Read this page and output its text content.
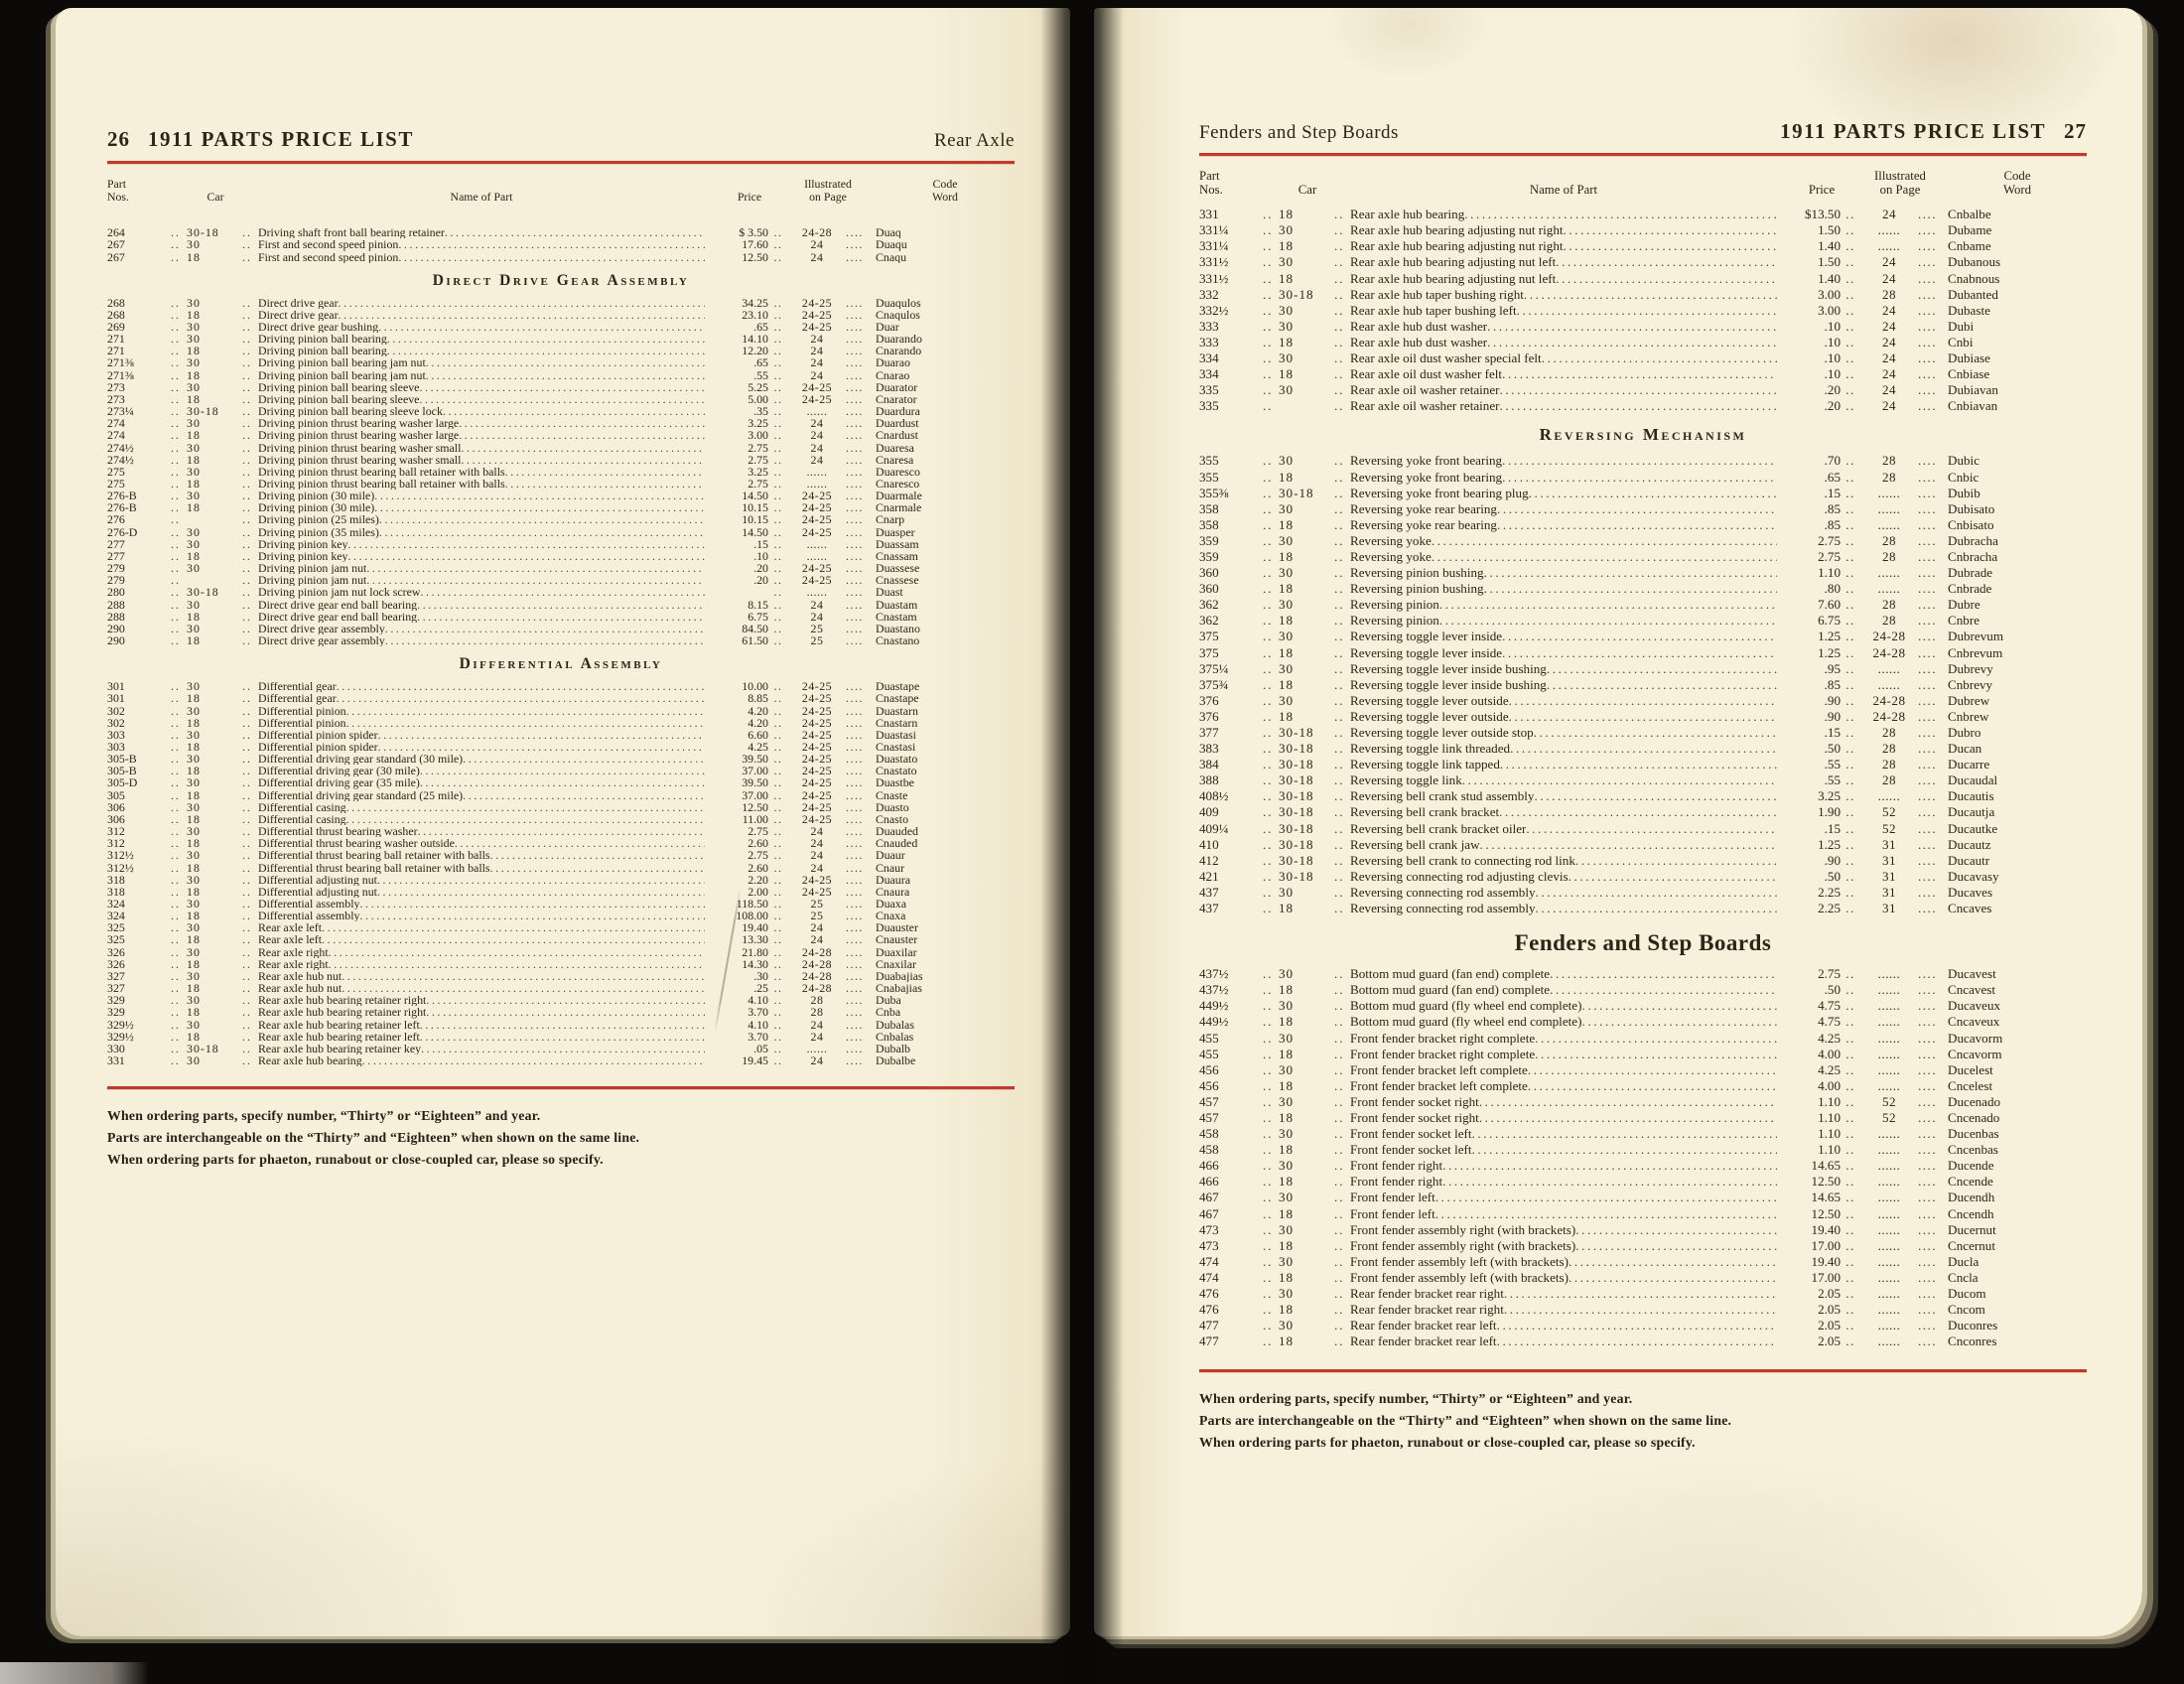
26 1911 PARTS PRICE LIST	Rear Axle
Part
Nos.	Car	Name of Part	Price
Illustrated
on Page
Code
Word
264	.. 30-18	.. Driving shaft front ball bearing retainer .....	$ 3.50 ..	24-28	....	Duaq
267	.. 30	.. First and second speed pinion .....	17.60 ..	24	....	Duaqu
267	.. 18	.. First and second speed pinion .....	12.50 ..	24	....	Cnaqu
Direct Drive Gear Assembly
268	.. 30	.. Direct drive gear .....	34.25 ..	24-25	....	Duaqulos
268	.. 18	.. Direct drive gear .....	23.10 ..	24-25	....	Cnaqulos
269	.. 30	.. Direct drive gear bushing .....	.65 ..	24-25	....	Duar
271	.. 30	.. Driving pinion ball bearing .....	14.10 ..	24	....	Duarando
271	.. 18	.. Driving pinion ball bearing .....	12.20 ..	24	....	Cnarando
271⅜	.. 30	.. Driving pinion ball bearing jam nut .....	.65 ..	24	....	Duarao
271⅜	.. 18	.. Driving pinion ball bearing jam nut .....	.55 ..	24	....	Cnarao
273	.. 30	.. Driving pinion ball bearing sleeve .....	5.25 ..	24-25	....	Duarator
273	.. 18	.. Driving pinion ball bearing sleeve .....	5.00 ..	24-25	....	Cnarator
273¼	.. 30-18	.. Driving pinion ball bearing sleeve lock .....	.35 ..	......	....	Duardura
274	.. 30	.. Driving pinion thrust bearing washer large .....	3.25 ..	24	....	Duardust
274	.. 18	.. Driving pinion thrust bearing washer large .....	3.00 ..	24	....	Cnardust
274½	.. 30	.. Driving pinion thrust bearing washer small .....	2.75 ..	24	....	Duaresa
274½	.. 18	.. Driving pinion thrust bearing washer small .....	2.75 ..	24	....	Cnaresa
275	.. 30	.. Driving pinion thrust bearing ball retainer with balls .....	3.25 ..	......	....	Duaresco
275	.. 18	.. Driving pinion thrust bearing ball retainer with balls .....	2.75 ..	......	....	Cnaresco
276-B	.. 30	.. Driving pinion (30 mile) .....	14.50 ..	24-25	....	Duarmale
276-B	.. 18	.. Driving pinion (30 mile) .....	10.15 ..	24-25	....	Cnarmale
276	..	.. Driving pinion (25 miles) .....	10.15 ..	24-25	....	Cnarp
276-D	.. 30	.. Driving pinion (35 miles) .....	14.50 ..	24-25	....	Duasper
277	.. 30	.. Driving pinion key .....	.15 ..	......	....	Duassam
277	.. 18	.. Driving pinion key .....	.10 ..	......	....	Cnassam
279	.. 30	.. Driving pinion jam nut .....	.20 ..	24-25	....	Duassese
279	..	.. Driving pinion jam nut .....	.20 ..	24-25	....	Cnassese
280	.. 30-18	.. Driving pinion jam nut lock screw .....	..	......	....	Duast
288	.. 30	.. Direct drive gear end ball bearing .....	8.15 ..	24	....	Duastam
288	.. 18	.. Direct drive gear end ball bearing .....	6.75 ..	24	....	Cnastam
290	.. 30	.. Direct drive gear assembly .....	84.50 ..	25	....	Duastano
290	.. 18	.. Direct drive gear assembly .....	61.50 ..	25	....	Cnastano
Differential Assembly
301	.. 30	.. Differential gear .....	10.00 ..	24-25	....	Duastape
301	.. 18	.. Differential gear .....	8.85 ..	24-25	....	Cnastape
302	.. 30	.. Differential pinion .....	4.20 ..	24-25	....	Duastarn
302	.. 18	.. Differential pinion .....	4.20 ..	24-25	....	Cnastarn
303	.. 30	.. Differential pinion spider .....	6.60 ..	24-25	....	Duastasi
303	.. 18	.. Differential pinion spider .....	4.25 ..	24-25	....	Cnastasi
305-B	.. 30	.. Differential driving gear standard (30 mile) .....	39.50 ..	24-25	....	Duastato
305-B	.. 18	.. Differential driving gear (30 mile) .....	37.00 ..	24-25	....	Cnastato
305-D	.. 30	.. Differential driving gear (35 mile) .....	39.50 ..	24-25	....	Duastbe
305	.. 18	.. Differential driving gear standard (25 mile) .....	37.00 ..	24-25	....	Cnaste
306	.. 30	.. Differential casing .....	12.50 ..	24-25	....	Duasto
306	.. 18	.. Differential casing .....	11.00 ..	24-25	....	Cnasto
312	.. 30	.. Differential thrust bearing washer .....	2.75 ..	24	....	Duauded
312	.. 18	.. Differential thrust bearing washer outside .....	2.60 ..	24	....	Cnauded
312½	.. 30	.. Differential thrust bearing ball retainer with balls .....	2.75 ..	24	....	Duaur
312½	.. 18	.. Differential thrust bearing ball retainer with balls .....	2.60 ..	24	....	Cnaur
318	.. 30	.. Differential adjusting nut .....	2.20 ..	24-25	....	Duaura
318	.. 18	.. Differential adjusting nut .....	2.00 ..	24-25	....	Cnaura
324	.. 30	.. Differential assembly .....	118.50 ..	25	....	Duaxa
324	.. 18	.. Differential assembly .....	108.00 ..	25	....	Cnaxa
325	.. 30	.. Rear axle left .....	19.40 ..	24	....	Duauster
325	.. 18	.. Rear axle left .....	13.30 ..	24	....	Cnauster
326	.. 30	.. Rear axle right .....	21.80 ..	24-28	....	Duaxilar
326	.. 18	.. Rear axle right .....	14.30 ..	24-28	....	Cnaxilar
327	.. 30	.. Rear axle hub nut .....	.30 ..	24-28	....	Duabajias
327	.. 18	.. Rear axle hub nut .....	.25 ..	24-28	....	Cnabajias
329	.. 30	.. Rear axle hub bearing retainer right .....	4.10 ..	28	....	Duba
329	.. 18	.. Rear axle hub bearing retainer right .....	3.70 ..	28	....	Cnba
329½	.. 30	.. Rear axle hub bearing retainer left .....	4.10 ..	24	....	Dubalas
329½	.. 18	.. Rear axle hub bearing retainer left .....	3.70 ..	24	....	Cnbalas
330	.. 30-18	.. Rear axle hub bearing retainer key .....	.05 ..	......	....	Dubalb
331	.. 30	.. Rear axle hub bearing .....	19.45 ..	24	....	Dubalbe
When ordering parts, specify number, “Thirty” or “Eighteen” and year.
Parts are interchangeable on the “Thirty” and “Eighteen” when shown on the same line.
When ordering parts for phaeton, runabout or close-coupled car, please so specify.
Fenders and Step Boards	1911 PARTS PRICE LIST 27
Part
Nos.	Car	Name of Part	Price
Illustrated
on Page
Code
Word
331	.. 18	.. Rear axle hub bearing .....	$13.50 ..	24	.... Cnbalbe
331¼	.. 30	.. Rear axle hub bearing adjusting nut right .....	1.50 ..	......	.... Dubame
331¼	.. 18	.. Rear axle hub bearing adjusting nut right .....	1.40 ..	......	.... Cnbame
331½	.. 30	.. Rear axle hub bearing adjusting nut left .....	1.50 ..	24	.... Dubanous
331½	.. 18	.. Rear axle hub bearing adjusting nut left .....	1.40 ..	24	.... Cnabnous
332	.. 30-18	.. Rear axle hub taper bushing right .....	3.00 ..	28	.... Dubanted
332½	.. 30	.. Rear axle hub taper bushing left .....	3.00 ..	24	.... Dubaste
333	.. 30	.. Rear axle hub dust washer .....	.10 ..	24	.... Dubi
333	.. 18	.. Rear axle hub dust washer .....	.10 ..	24	.... Cnbi
334	.. 30	.. Rear axle oil dust washer special felt .....	.10 ..	24	.... Dubiase
334	.. 18	.. Rear axle oil dust washer felt .....	.10 ..	24	.... Cnbiase
335	.. 30	.. Rear axle oil washer retainer .....	.20 ..	24	.... Dubiavan
335	..	.. Rear axle oil washer retainer .....	.20 ..	24	.... Cnbiavan
Reversing Mechanism
355	.. 30	.. Reversing yoke front bearing .....	.70 ..	28	.... Dubic
355	.. 18	.. Reversing yoke front bearing .....	.65 ..	28	.... Cnbic
355⅜	.. 30-18	.. Reversing yoke front bearing plug .....	.15 ..	......	.... Dubib
358	.. 30	.. Reversing yoke rear bearing .....	.85 ..	......	.... Dubisato
358	.. 18	.. Reversing yoke rear bearing .....	.85 ..	......	.... Cnbisato
359	.. 30	.. Reversing yoke .....	2.75 ..	28	.... Dubracha
359	.. 18	.. Reversing yoke .....	2.75 ..	28	.... Cnbracha
360	.. 30	.. Reversing pinion bushing .....	1.10 ..	......	.... Dubrade
360	.. 18	.. Reversing pinion bushing .....	.80 ..	......	.... Cnbrade
362	.. 30	.. Reversing pinion .....	7.60 ..	28	.... Dubre
362	.. 18	.. Reversing pinion .....	6.75 ..	28	.... Cnbre
375	.. 30	.. Reversing toggle lever inside .....	1.25 ..	24-28 .... Dubrevum
375	.. 18	.. Reversing toggle lever inside .....	1.25 ..	24-28 .... Cnbrevum
375¼	.. 30	.. Reversing toggle lever inside bushing .....	.95 ..	......	.... Dubrevy
375¾	.. 18	.. Reversing toggle lever inside bushing .....	.85 ..	......	.... Cnbrevy
376	.. 30	.. Reversing toggle lever outside .....	.90 ..	24-28 .... Dubrew
376	.. 18	.. Reversing toggle lever outside .....	.90 ..	24-28 .... Cnbrew
377	.. 30-18	.. Reversing toggle lever outside stop .....	.15 ..	28	.... Dubro
383	.. 30-18	.. Reversing toggle link threaded .....	.50 ..	28	.... Ducan
384	.. 30-18	.. Reversing toggle link tapped .....	.55 ..	28	.... Ducarre
388	.. 30-18	.. Reversing toggle link .....	.55 ..	28	.... Ducaudal
408½	.. 30-18	.. Reversing bell crank stud assembly .....	3.25 ..	......	.... Ducautis
409	.. 30-18	.. Reversing bell crank bracket .....	1.90 ..	52	.... Ducautja
409¼	.. 30-18	.. Reversing bell crank bracket oiler .....	.15 ..	52	.... Ducautke
410	.. 30-18	.. Reversing bell crank jaw .....	1.25 ..	31	.... Ducautz
412	.. 30-18	.. Reversing bell crank to connecting rod link .....	.90 ..	31	.... Ducautr
421	.. 30-18	.. Reversing connecting rod adjusting clevis .....	.50 ..	31	.... Ducavasy
437	.. 30	.. Reversing connecting rod assembly .....	2.25 ..	31	.... Ducaves
437	.. 18	.. Reversing connecting rod assembly .....	2.25 ..	31	.... Cncaves
Fenders and Step Boards
437½	.. 30	.. Bottom mud guard (fan end) complete .....	2.75 ..	......	.... Ducavest
437½	.. 18	.. Bottom mud guard (fan end) complete .....	.50 ..	......	.... Cncavest
449½	.. 30	.. Bottom mud guard (fly wheel end complete) .....	4.75 ..	......	.... Ducaveux
449½	.. 18	.. Bottom mud guard (fly wheel end complete) .....	4.75 ..	......	.... Cncaveux
455	.. 30	.. Front fender bracket right complete .....	4.25 ..	......	.... Ducavorm
455	.. 18	.. Front fender bracket right complete .....	4.00 ..	......	.... Cncavorm
456	.. 30	.. Front fender bracket left complete .....	4.25 ..	......	.... Ducelest
456	.. 18	.. Front fender bracket left complete .....	4.00 ..	......	.... Cncelest
457	.. 30	.. Front fender socket right .....	1.10 ..	52	.... Ducenado
457	.. 18	.. Front fender socket right .....	1.10 ..	52	.... Cncenado
458	.. 30	.. Front fender socket left .....	1.10 ..	......	.... Ducenbas
458	.. 18	.. Front fender socket left .....	1.10 ..	......	.... Cncenbas
466	.. 30	.. Front fender right .....	14.65 ..	......	.... Ducende
466	.. 18	.. Front fender right .....	12.50 ..	......	.... Cncende
467	.. 30	.. Front fender left .....	14.65 ..	......	.... Ducendh
467	.. 18	.. Front fender left .....	12.50 ..	......	.... Cncendh
473	.. 30	.. Front fender assembly right (with brackets) .....	19.40 ..	......	.... Ducernut
473	.. 18	.. Front fender assembly right (with brackets) .....	17.00 ..	......	.... Cncernut
474	.. 30	.. Front fender assembly left (with brackets) .....	19.40 ..	......	.... Ducla
474	.. 18	.. Front fender assembly left (with brackets) .....	17.00 ..	......	.... Cncla
476	.. 30	.. Rear fender bracket rear right .....	2.05 ..	......	.... Ducom
476	.. 18	.. Rear fender bracket rear right .....	2.05 ..	......	.... Cncom
477	.. 30	.. Rear fender bracket rear left .....	2.05 ..	......	.... Duconres
477	.. 18	.. Rear fender bracket rear left .....	2.05 ..	......	.... Cnconres
When ordering parts, specify number, “Thirty” or “Eighteen” and year.
Parts are interchangeable on the “Thirty” and “Eighteen” when shown on the same line.
When ordering parts for phaeton, runabout or close-coupled car, please so specify.
